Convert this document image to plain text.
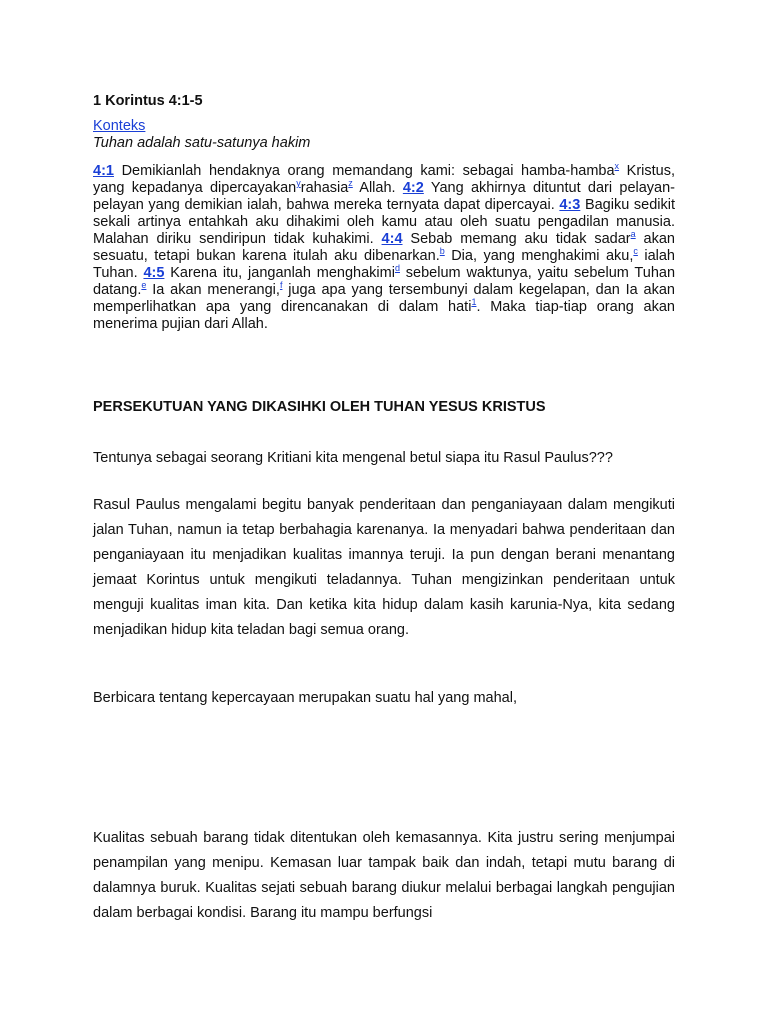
1 Korintus 4:1-5
Konteks
Tuhan adalah satu-satunya hakim

4:1 Demikianlah hendaknya orang memandang kami: sebagai hamba-hamba$^x$ Kristus, yang kepadanya dipercayakan$^y$rahasia$^z$ Allah. 4:2 Yang akhirnya dituntut dari pelayan-pelayan yang demikian ialah, bahwa mereka ternyata dapat dipercayai. 4:3 Bagiku sedikit sekali artinya entahkah aku dihakimi oleh kamu atau oleh suatu pengadilan manusia. Malahan diriku sendiripun tidak kuhakimi. 4:4 Sebab memang aku tidak sadar$^a$ akan sesuatu, tetapi bukan karena itulah aku dibenarkan.$^b$ Dia, yang menghakimi aku,$^c$ ialah Tuhan. 4:5 Karena itu, janganlah menghakimi$^d$ sebelum waktunya, yaitu sebelum Tuhan datang.$^e$ Ia akan menerangi,$^f$ juga apa yang tersembunyi dalam kegelapan, dan Ia akan memperlihatkan apa yang direncanakan di dalam hati$^1$. Maka tiap-tiap orang akan menerima pujian dari Allah.

PERSEKUTUAN YANG DIKASIHKI OLEH TUHAN YESUS KRISTUS

Tentunya sebagai seorang Kritiani kita mengenal betul siapa itu Rasul Paulus???

Rasul Paulus mengalami begitu banyak penderitaan dan penganiayaan dalam mengikuti jalan Tuhan, namun ia tetap berbahagia karenanya. Ia menyadari bahwa penderitaan dan penganiayaan itu menjadikan kualitas imannya teruji. Ia pun dengan berani menantang jemaat Korintus untuk mengikuti teladannya. Tuhan mengizinkan penderitaan untuk menguji kualitas iman kita. Dan ketika kita hidup dalam kasih karunia-Nya, kita sedang menjadikan hidup kita teladan bagi semua orang.

Berbicara tentang kepercayaan merupakan suatu hal yang mahal,

Kualitas sebuah barang tidak ditentukan oleh kemasannya. Kita justru sering menjumpai penampilan yang menipu. Kemasan luar tampak baik dan indah, tetapi mutu barang di dalamnya buruk. Kualitas sejati sebuah barang diukur melalui berbagai langkah pengujian dalam berbagai kondisi. Barang itu mampu berfungsi
